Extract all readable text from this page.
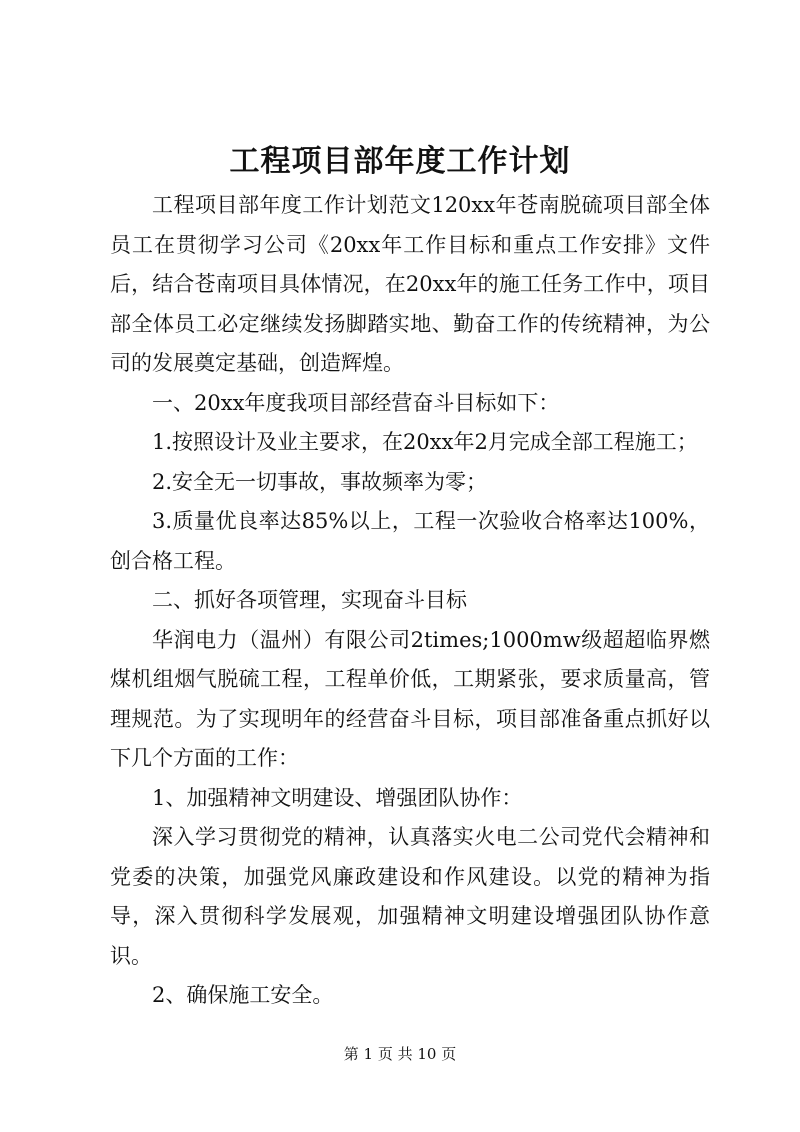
工程项目部年度工作计划

工程项目部年度工作计划范文120xx年苍南脱硫项目部全体员工在贯彻学习公司《20xx年工作目标和重点工作安排》文件后，结合苍南项目具体情况，在20xx年的施工任务工作中，项目部全体员工必定继续发扬脚踏实地、勤奋工作的传统精神，为公司的发展奠定基础，创造辉煌。

一、20xx年度我项目部经营奋斗目标如下：

1.按照设计及业主要求，在20xx年2月完成全部工程施工；

2.安全无一切事故，事故频率为零；

3.质量优良率达85%以上，工程一次验收合格率达100%，创合格工程。

二、抓好各项管理，实现奋斗目标

华润电力（温州）有限公司2times;1000mw级超超临界燃煤机组烟气脱硫工程，工程单价低，工期紧张，要求质量高，管理规范。为了实现明年的经营奋斗目标，项目部准备重点抓好以下几个方面的工作：

1、加强精神文明建设、增强团队协作：

深入学习贯彻党的精神，认真落实火电二公司党代会精神和党委的决策，加强党风廉政建设和作风建设。以党的精神为指导，深入贯彻科学发展观，加强精神文明建设增强团队协作意识。

2、确保施工安全。

第 1 页 共 10 页
